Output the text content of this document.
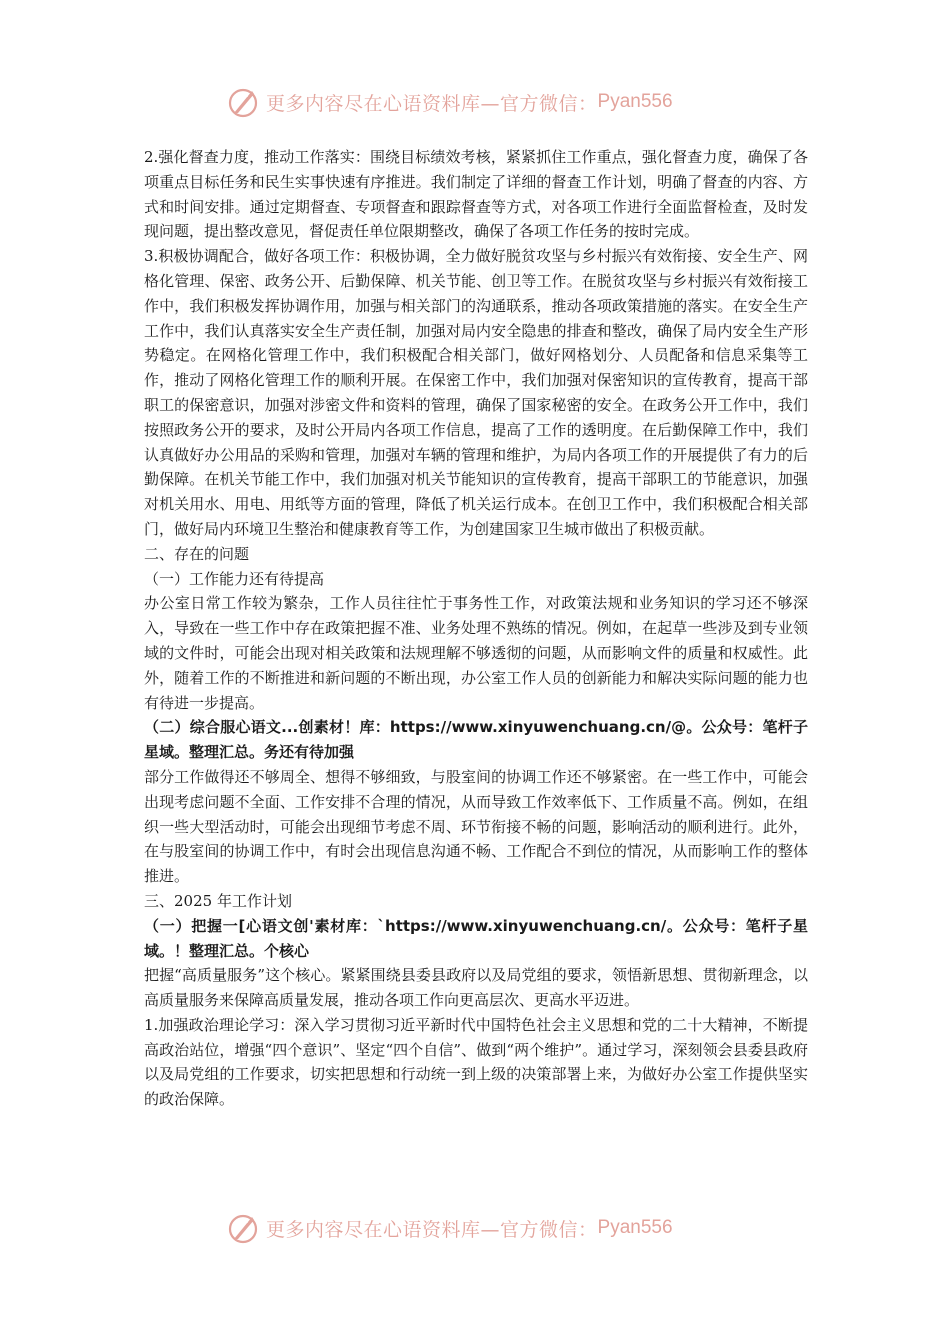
更多内容尽在心语资料库—官方微信： Pyan556

2.强化督查力度，推动工作落实：围绕目标绩效考核，紧紧抓住工作重点，强化督查力度，确保了各项重点目标任务和民生实事快速有序推进。我们制定了详细的督查工作计划，明确了督查的内容、方式和时间安排。通过定期督查、专项督查和跟踪督查等方式，对各项工作进行全面监督检查，及时发现问题，提出整改意见，督促责任单位限期整改，确保了各项工作任务的按时完成。

3.积极协调配合，做好各项工作：积极协调，全力做好脱贫攻坚与乡村振兴有效衔接、安全生产、网格化管理、保密、政务公开、后勤保障、机关节能、创卫等工作。在脱贫攻坚与乡村振兴有效衔接工作中，我们积极发挥协调作用，加强与相关部门的沟通联系，推动各项政策措施的落实。在安全生产工作中，我们认真落实安全生产责任制，加强对局内安全隐患的排查和整改，确保了局内安全生产形势稳定。在网格化管理工作中，我们积极配合相关部门，做好网格划分、人员配备和信息采集等工作，推动了网格化管理工作的顺利开展。在保密工作中，我们加强对保密知识的宣传教育，提高干部职工的保密意识，加强对涉密文件和资料的管理，确保了国家秘密的安全。在政务公开工作中，我们按照政务公开的要求，及时公开局内各项工作信息，提高了工作的透明度。在后勤保障工作中，我们认真做好办公用品的采购和管理，加强对车辆的管理和维护，为局内各项工作的开展提供了有力的后勤保障。在机关节能工作中，我们加强对机关节能知识的宣传教育，提高干部职工的节能意识，加强对机关用水、用电、用纸等方面的管理，降低了机关运行成本。在创卫工作中，我们积极配合相关部门，做好局内环境卫生整治和健康教育等工作，为创建国家卫生城市做出了积极贡献。

二、存在的问题

（一）工作能力还有待提高

办公室日常工作较为繁杂，工作人员往往忙于事务性工作，对政策法规和业务知识的学习还不够深入，导致在一些工作中存在政策把握不准、业务处理不熟练的情况。例如，在起草一些涉及到专业领域的文件时，可能会出现对相关政策和法规理解不够透彻的问题，从而影响文件的质量和权威性。此外，随着工作的不断推进和新问题的不断出现，办公室工作人员的创新能力和解决实际问题的能力也有待进一步提高。

（二）综合服心语文...创素材！库：https://www.xinyuwenchuang.cn/@。公众号：笔杆子星域。整理汇总。务还有待加强

部分工作做得还不够周全、想得不够细致，与股室间的协调工作还不够紧密。在一些工作中，可能会出现考虑问题不全面、工作安排不合理的情况，从而导致工作效率低下、工作质量不高。例如，在组织一些大型活动时，可能会出现细节考虑不周、环节衔接不畅的问题，影响活动的顺利进行。此外，在与股室间的协调工作中，有时会出现信息沟通不畅、工作配合不到位的情况，从而影响工作的整体推进。

三、2025 年工作计划

（一）把握一[心语文创'素材库：`https://www.xinyuwenchuang.cn/。公众号：笔杆子星域。！整理汇总。个核心

把握“高质量服务”这个核心。紧紧围绕县委县政府以及局党组的要求，领悟新思想、贯彻新理念，以高质量服务来保障高质量发展，推动各项工作向更高层次、更高水平迈进。

1.加强政治理论学习：深入学习贯彻习近平新时代中国特色社会主义思想和党的二十大精神，不断提高政治站位，增强“四个意识”、坚定“四个自信”、做到“两个维护”。通过学习，深刻领会县委县政府以及局党组的工作要求，切实把思想和行动统一到上级的决策部署上来，为做好办公室工作提供坚实的政治保障。

更多内容尽在心语资料库—官方微信： Pyan556
